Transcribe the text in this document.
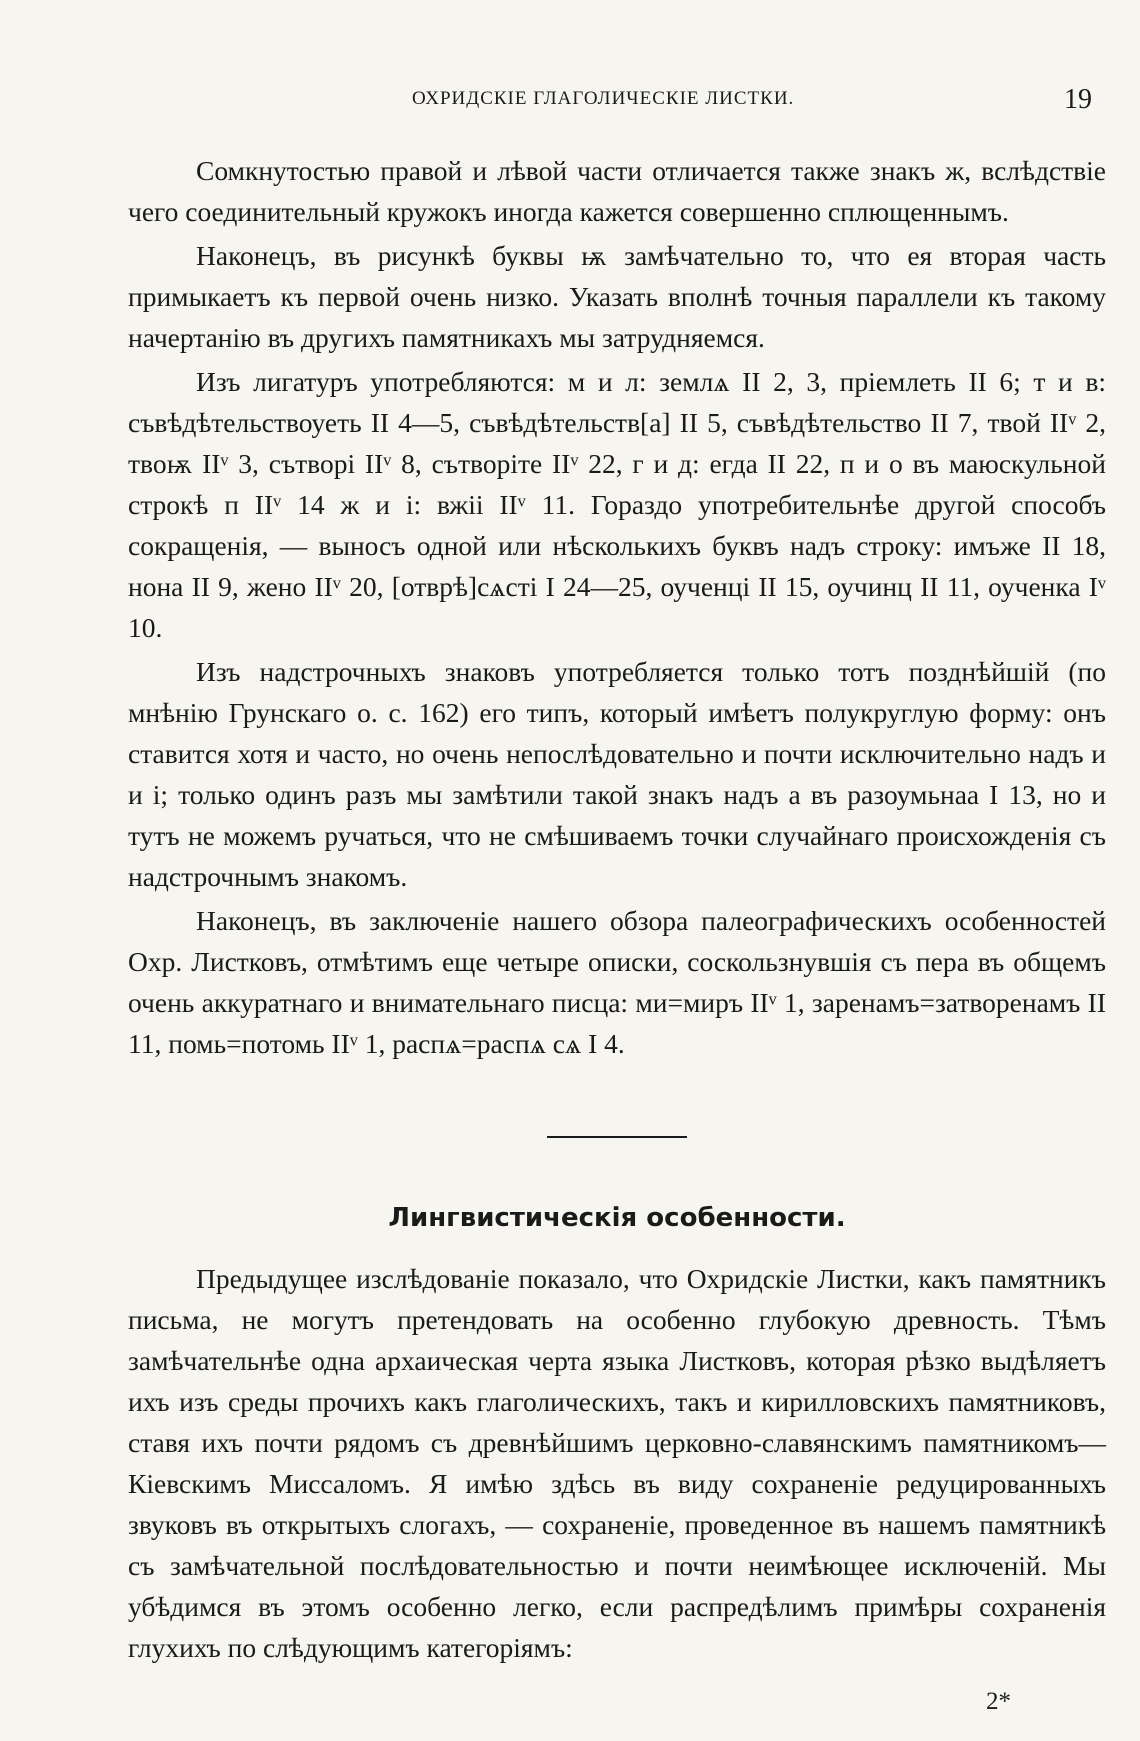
ОХРИДСКІЕ ГЛАГОЛИЧЕСКІЕ ЛИСТКИ.	19

Сомкнутостью правой и лѣвой части отличается также знакъ ж, вслѣдствіе чего соединительный кружокъ иногда кажется совершенно сплющеннымъ.

Наконецъ, въ рисункѣ буквы ѭ замѣчательно то, что ея вторая часть примыкаетъ къ первой очень низко. Указать вполнѣ точныя параллели къ такому начертанію въ другихъ памятникахъ мы затрудняемся.

Изъ лигатуръ употребляются: м и л: землѧ II 2, 3, пріемлеть II 6; т и в: съвѣдѣтельствоуеть II 4—5, съвѣдѣтельств[а] II 5, съвѣдѣтельство II 7, твой IIᵛ 2, твоѭ IIᵛ 3, сътворі IIᵛ 8, сътворіте IIᵛ 22, г и д: егда II 22, п и о въ маюскульной строкѣ п IIᵛ 14 ж и і: вжіі IIᵛ 11. Гораздо употребительнѣе другой способъ сокращенія, — выносъ одной или нѣсколькихъ буквъ надъ строку: имъже II 18, нона II 9, жено IIᵛ 20, [отврѣ]сѧсті I 24—25, оученці II 15, оучинц II 11, оученка Iᵛ 10.

Изъ надстрочныхъ знаковъ употребляется только тотъ позднѣйшій (по мнѣнію Грунскаго о. с. 162) его типъ, который имѣетъ полукруглую форму: онъ ставится хотя и часто, но очень непослѣдовательно и почти исключительно надъ и и і; только одинъ разъ мы замѣтили такой знакъ надъ а въ разоумьнаа I 13, но и тутъ не можемъ ручаться, что не смѣшиваемъ точки случайнаго происхожденія съ надстрочнымъ знакомъ.

Наконецъ, въ заключеніе нашего обзора палеографическихъ особенностей Охр. Листковъ, отмѣтимъ еще четыре описки, соскользнувшія съ пера въ общемъ очень аккуратнаго и внимательнаго писца: ми=миръ IIᵛ 1, заренамъ=затворенамъ II 11, помь=потомь IIᵛ 1, распѧ=распѧ сѧ I 4.

Лингвистическія особенности.

Предыдущее изслѣдованіе показало, что Охридскіе Листки, какъ памятникъ письма, не могутъ претендовать на особенно глубокую древность. Тѣмъ замѣчательнѣе одна архаическая черта языка Листковъ, которая рѣзко выдѣляетъ ихъ изъ среды прочихъ какъ глаголическихъ, такъ и кирилловскихъ памятниковъ, ставя ихъ почти рядомъ съ древнѣйшимъ церковно-славянскимъ памятникомъ—Кіевскимъ Миссаломъ. Я имѣю здѣсь въ виду сохраненіе редуцированныхъ звуковъ въ открытыхъ слогахъ, — сохраненіе, проведенное въ нашемъ памятникѣ съ замѣчательной послѣдовательностью и почти неимѣющее исключеній. Мы убѣдимся въ этомъ особенно легко, если распредѣлимъ примѣры сохраненія глухихъ по слѣдующимъ категоріямъ:

2*
